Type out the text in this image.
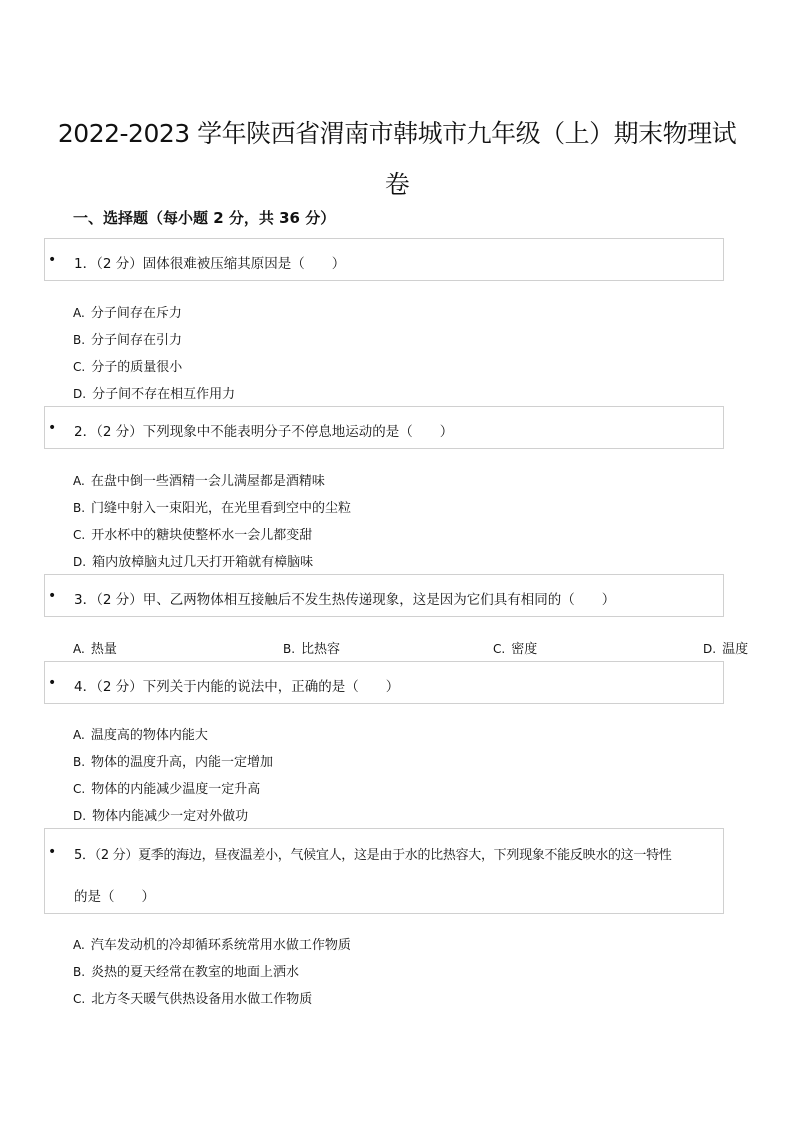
2022-2023 学年陕西省渭南市韩城市九年级（上）期末物理试
卷
一、选择题（每小题 2 分，共 36 分）
• 1．（2 分）固体很难被压缩其原因是（　　）
A. 分子间存在斥力
B. 分子间存在引力
C. 分子的质量很小
D. 分子间不存在相互作用力
• 2．（2 分）下列现象中不能表明分子不停息地运动的是（　　）
A. 在盘中倒一些酒精一会儿满屋都是酒精味
B. 门缝中射入一束阳光，在光里看到空中的尘粒
C. 开水杯中的糖块使整杯水一会儿都变甜
D. 箱内放樟脑丸过几天打开箱就有樟脑味
• 3．（2 分）甲、乙两物体相互接触后不发生热传递现象，这是因为它们具有相同的（　　）
A. 热量	B. 比热容	C. 密度	D. 温度
• 4．（2 分）下列关于内能的说法中，正确的是（　　）
A. 温度高的物体内能大
B. 物体的温度升高，内能一定增加
C. 物体的内能减少温度一定升高
D. 物体内能减少一定对外做功
• 5．（2 分）夏季的海边，昼夜温差小，气候宜人，这是由于水的比热容大，下列现象不能反映水的这一特性
的是（　　）
A. 汽车发动机的冷却循环系统常用水做工作物质
B. 炎热的夏天经常在教室的地面上洒水
C. 北方冬天暖气供热设备用水做工作物质
